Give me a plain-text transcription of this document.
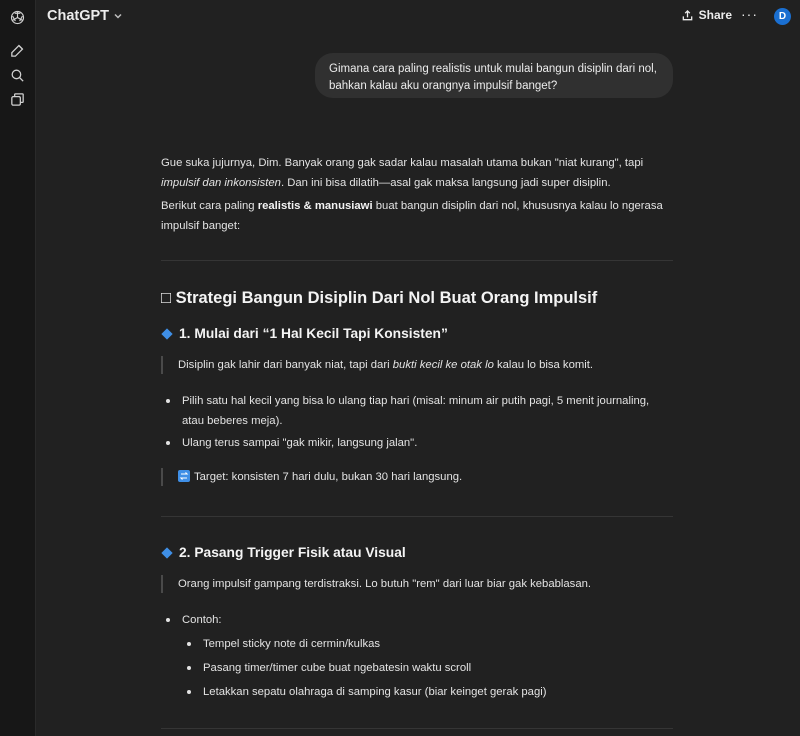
ChatGPT	Share ···	D
Gimana cara paling realistis untuk mulai bangun disiplin dari nol, bahkan kalau aku orangnya impulsif banget?

Gue suka jujurnya, Dim. Banyak orang gak sadar kalau masalah utama bukan "niat kurang", tapi impulsif dan inkonsisten. Dan ini bisa dilatih—asal gak maksa langsung jadi super disiplin.

Berikut cara paling realistis & manusiawi buat bangun disiplin dari nol, khususnya kalau lo ngerasa impulsif banget:

□ Strategi Bangun Disiplin Dari Nol Buat Orang Impulsif
1. Mulai dari “1 Hal Kecil Tapi Konsisten”
Disiplin gak lahir dari banyak niat, tapi dari bukti kecil ke otak lo kalau lo bisa komit.
Pilih satu hal kecil yang bisa lo ulang tiap hari (misal: minum air putih pagi, 5 menit journaling, atau beberes meja).
Ulang terus sampai "gak mikir, langsung jalan".
Target: konsisten 7 hari dulu, bukan 30 hari langsung.
2. Pasang Trigger Fisik atau Visual
Orang impulsif gampang terdistraksi. Lo butuh "rem" dari luar biar gak kebablasan.
Contoh:
Tempel sticky note di cermin/kulkas
Pasang timer/timer cube buat ngebatesin waktu scroll
Letakkan sepatu olahraga di samping kasur (biar keinget gerak pagi)
